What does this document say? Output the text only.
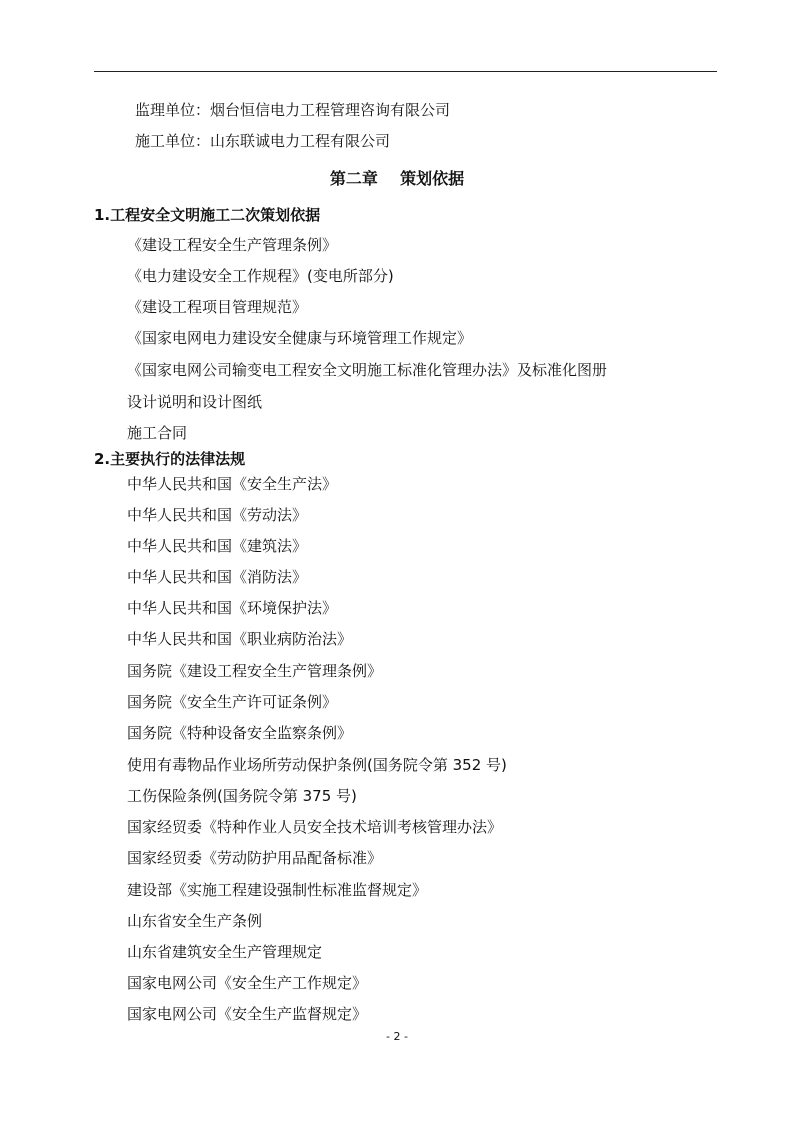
监理单位：烟台恒信电力工程管理咨询有限公司
施工单位：山东联诚电力工程有限公司
第二章    策划依据
1.工程安全文明施工二次策划依据
《建设工程安全生产管理条例》
《电力建设安全工作规程》(变电所部分)
《建设工程项目管理规范》
《国家电网电力建设安全健康与环境管理工作规定》
《国家电网公司输变电工程安全文明施工标准化管理办法》及标准化图册
设计说明和设计图纸
施工合同
2.主要执行的法律法规
中华人民共和国《安全生产法》
中华人民共和国《劳动法》
中华人民共和国《建筑法》
中华人民共和国《消防法》
中华人民共和国《环境保护法》
中华人民共和国《职业病防治法》
国务院《建设工程安全生产管理条例》
国务院《安全生产许可证条例》
国务院《特种设备安全监察条例》
使用有毒物品作业场所劳动保护条例(国务院令第 352 号)
工伤保险条例(国务院令第 375 号)
国家经贸委《特种作业人员安全技术培训考核管理办法》
国家经贸委《劳动防护用品配备标准》
建设部《实施工程建设强制性标准监督规定》
山东省安全生产条例
山东省建筑安全生产管理规定
国家电网公司《安全生产工作规定》
国家电网公司《安全生产监督规定》
- 2 -
